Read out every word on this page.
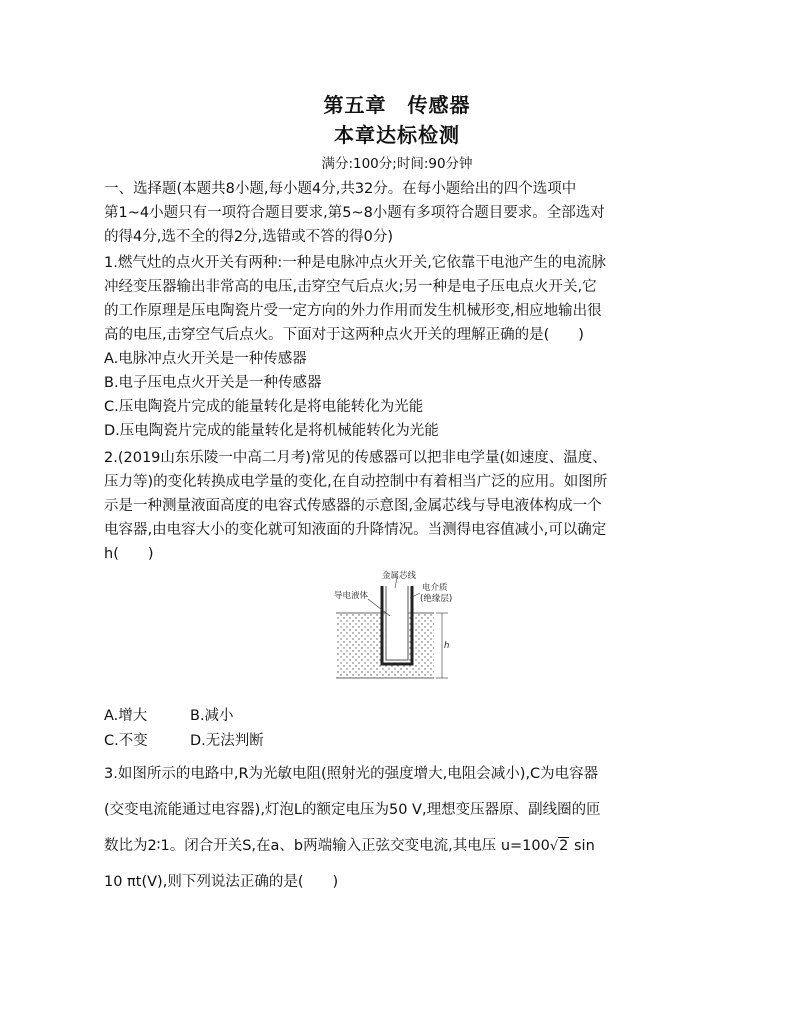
第五章　传感器
本章达标检测
满分:100分;时间:90分钟
一、选择题(本题共8小题,每小题4分,共32分。在每小题给出的四个选项中
第1~4小题只有一项符合题目要求,第5~8小题有多项符合题目要求。全部选对
的得4分,选不全的得2分,选错或不答的得0分)
1.燃气灶的点火开关有两种:一种是电脉冲点火开关,它依靠干电池产生的电流脉
冲经变压器输出非常高的电压,击穿空气后点火;另一种是电子压电点火开关,它
的工作原理是压电陶瓷片受一定方向的外力作用而发生机械形变,相应地输出很
高的电压,击穿空气后点火。下面对于这两种点火开关的理解正确的是(　　)
A.电脉冲点火开关是一种传感器
B.电子压电点火开关是一种传感器
C.压电陶瓷片完成的能量转化是将电能转化为光能
D.压电陶瓷片完成的能量转化是将机械能转化为光能
2.(2019山东乐陵一中高二月考)常见的传感器可以把非电学量(如速度、温度、
压力等)的变化转换成电学量的变化,在自动控制中有着相当广泛的应用。如图所
示是一种测量液面高度的电容式传感器的示意图,金属芯线与导电液体构成一个
电容器,由电容大小的变化就可知液面的升降情况。当测得电容值减小,可以确定
h(　　)
金属芯线
导电液体
电介质
(绝缘层)
h
A.增大	B.减小
C.不变	D.无法判断
3.如图所示的电路中,R为光敏电阻(照射光的强度增大,电阻会减小),C为电容器
(交变电流能通过电容器),灯泡L的额定电压为50 V,理想变压器原、副线圈的匝
数比为2∶1。闭合开关S,在a、b两端输入正弦交变电流,其电压 u=100√2 sin
10 πt(V),则下列说法正确的是(　　)
